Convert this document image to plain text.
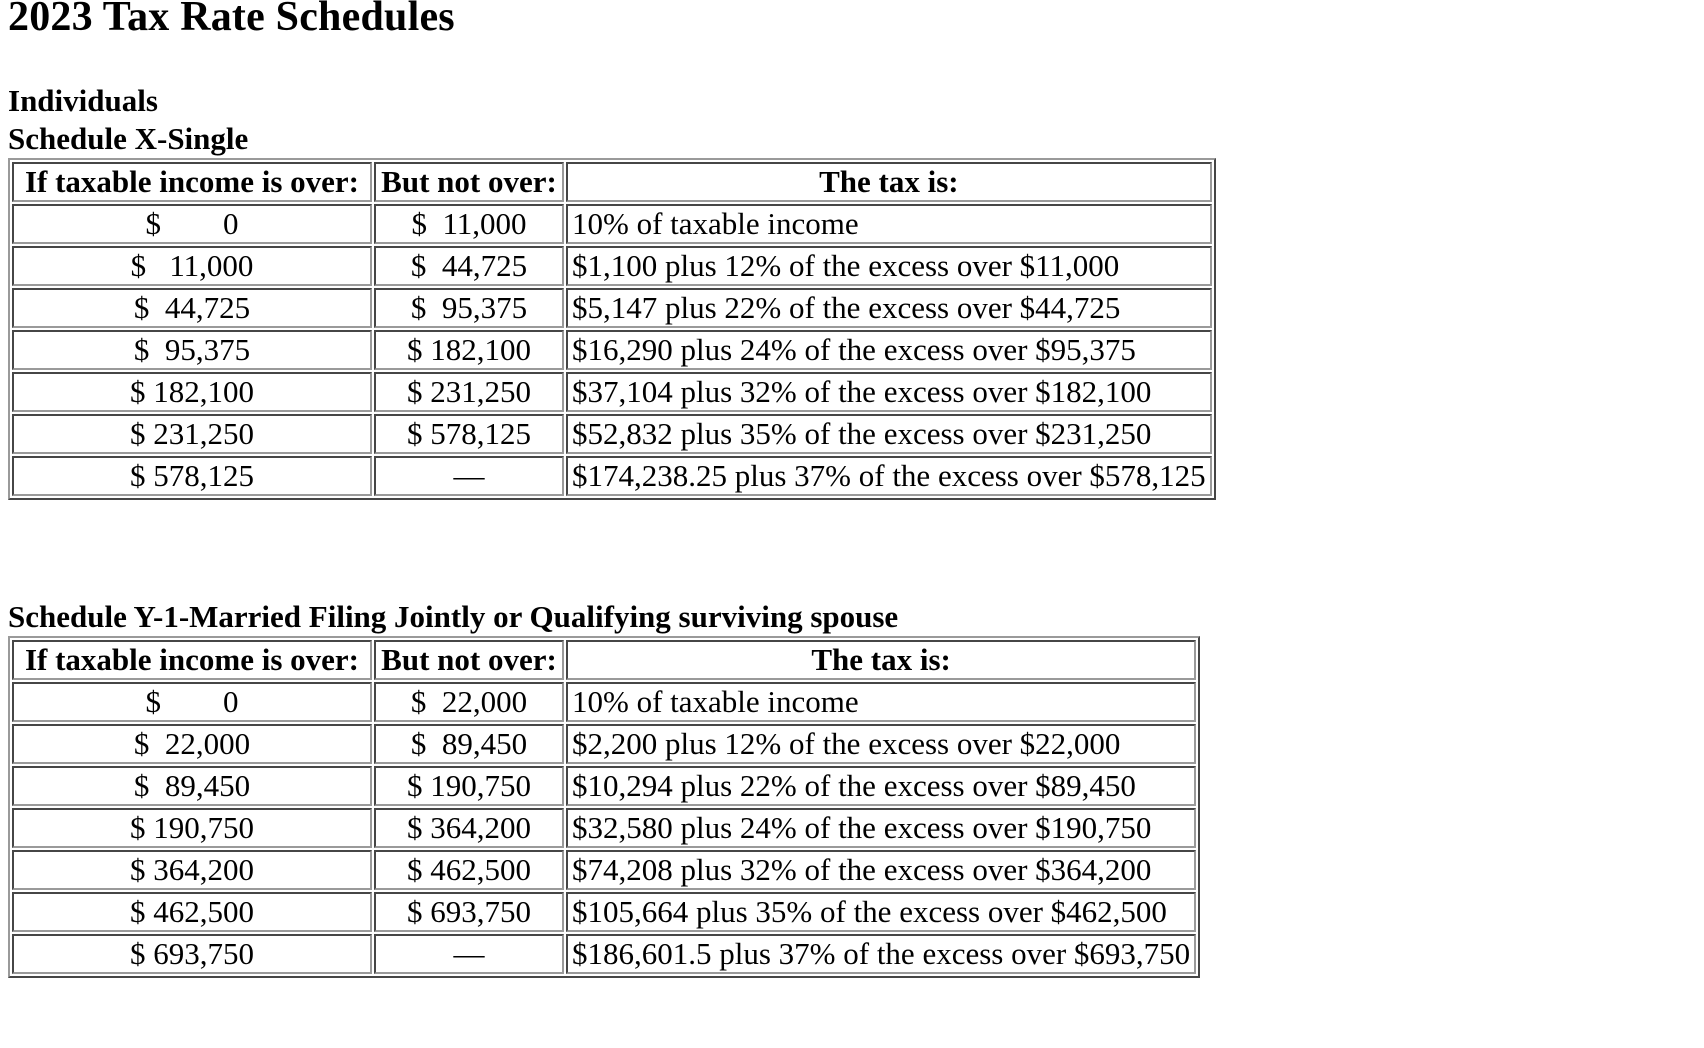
2023 Tax Rate Schedules

Individuals

Schedule X-Single

If taxable income is over:	But not over:	The tax is:
$        0	$  11,000	10% of taxable income
$   11,000	$  44,725	$1,100 plus 12% of the excess over $11,000
$  44,725	$  95,375	$5,147 plus 22% of the excess over $44,725
$  95,375	$ 182,100	$16,290 plus 24% of the excess over $95,375
$ 182,100	$ 231,250	$37,104 plus 32% of the excess over $182,100
$ 231,250	$ 578,125	$52,832 plus 35% of the excess over $231,250
$ 578,125	—	$174,238.25 plus 37% of the excess over $578,125

Schedule Y-1-Married Filing Jointly or Qualifying surviving spouse

If taxable income is over:	But not over:	The tax is:
$        0	$  22,000	10% of taxable income
$  22,000	$  89,450	$2,200 plus 12% of the excess over $22,000
$  89,450	$ 190,750	$10,294 plus 22% of the excess over $89,450
$ 190,750	$ 364,200	$32,580 plus 24% of the excess over $190,750
$ 364,200	$ 462,500	$74,208 plus 32% of the excess over $364,200
$ 462,500	$ 693,750	$105,664 plus 35% of the excess over $462,500
$ 693,750	—	$186,601.5 plus 37% of the excess over $693,750
